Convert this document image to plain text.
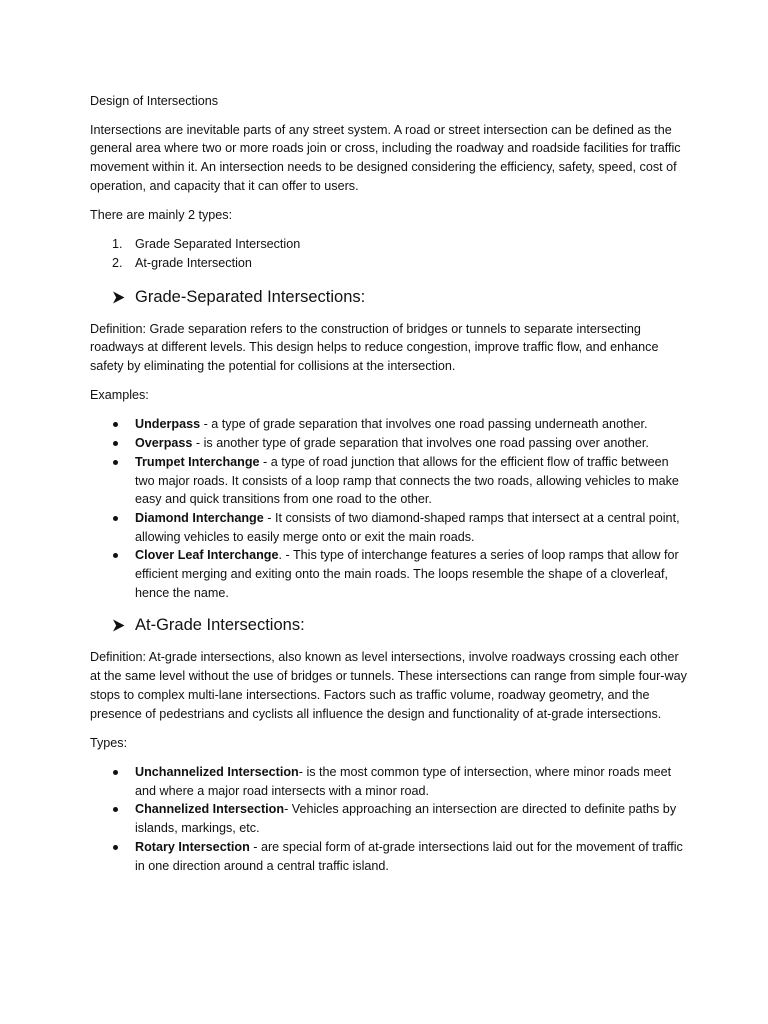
Design of Intersections

Intersections are inevitable parts of any street system. A road or street intersection can be defined as the general area where two or more roads join or cross, including the roadway and roadside facilities for traffic movement within it. An intersection needs to be designed considering the efficiency, safety, speed, cost of operation, and capacity that it can offer to users.

There are mainly 2 types:

1. Grade Separated Intersection
2. At-grade Intersection
Grade-Separated Intersections:

Definition: Grade separation refers to the construction of bridges or tunnels to separate intersecting roadways at different levels. This design helps to reduce congestion, improve traffic flow, and enhance safety by eliminating the potential for collisions at the intersection.

Examples:

Underpass - a type of grade separation that involves one road passing underneath another.
Overpass - is another type of grade separation that involves one road passing over another.
Trumpet Interchange - a type of road junction that allows for the efficient flow of traffic between two major roads. It consists of a loop ramp that connects the two roads, allowing vehicles to make easy and quick transitions from one road to the other.
Diamond Interchange - It consists of two diamond-shaped ramps that intersect at a central point, allowing vehicles to easily merge onto or exit the main roads.
Clover Leaf Interchange. - This type of interchange features a series of loop ramps that allow for efficient merging and exiting onto the main roads. The loops resemble the shape of a cloverleaf, hence the name.
At-Grade Intersections:

Definition: At-grade intersections, also known as level intersections, involve roadways crossing each other at the same level without the use of bridges or tunnels. These intersections can range from simple four-way stops to complex multi-lane intersections. Factors such as traffic volume, roadway geometry, and the presence of pedestrians and cyclists all influence the design and functionality of at-grade intersections.

Types:

Unchannelized Intersection- is the most common type of intersection, where minor roads meet and where a major road intersects with a minor road.
Channelized Intersection- Vehicles approaching an intersection are directed to definite paths by islands, markings, etc.
Rotary Intersection - are special form of at-grade intersections laid out for the movement of traffic in one direction around a central traffic island.
